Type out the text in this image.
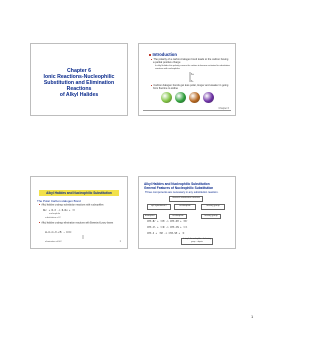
Chapter 6
Ionic Reactions-Nucleophilic
Substitution and Elimination Reactions
of Alkyl Halides
Introduction
The polarity of a carbon-halogen bond leads to the carbon having
a partial positive charge
In alkyl halides this polarity causes the carbon to become activated to substitution
reactions with nucleophiles
δ+
δ−
Carbon-halogen bonds get less polar, longer and weaker in going
from fluorine to iodine
Chapter 6
Alkyl Halides and Nucleophilic Substitution
The Polar Carbon-Halogen Bond
Alkyl halides undergo substitution reactions with nucleophiles
Nu: + R-X -> R-Nu + :X
nucleophile
substitution of X
Alkyl halides undergo elimination reactions with Brønsted-Lowry bases
H–C–C–X + B: → C=C
elimination of HX	1
Alkyl Halides and Nucleophilic Substitution
General Features of Nucleophilic Substitution
Three components are necessary in any substitution reaction.
General substitution reaction
sp3 hybridized C	nucleophile	leaving group
Examples:	nucleophile	leaving group
CH3-Br + :OH -> CH3-OH + :Br
CH3-Cl + :CN -> CH3-CN + :Cl
CH3-I + :SH -> CH3-SH + :I
In step 1, the nucleophile ... the leaving group ... departs
1
